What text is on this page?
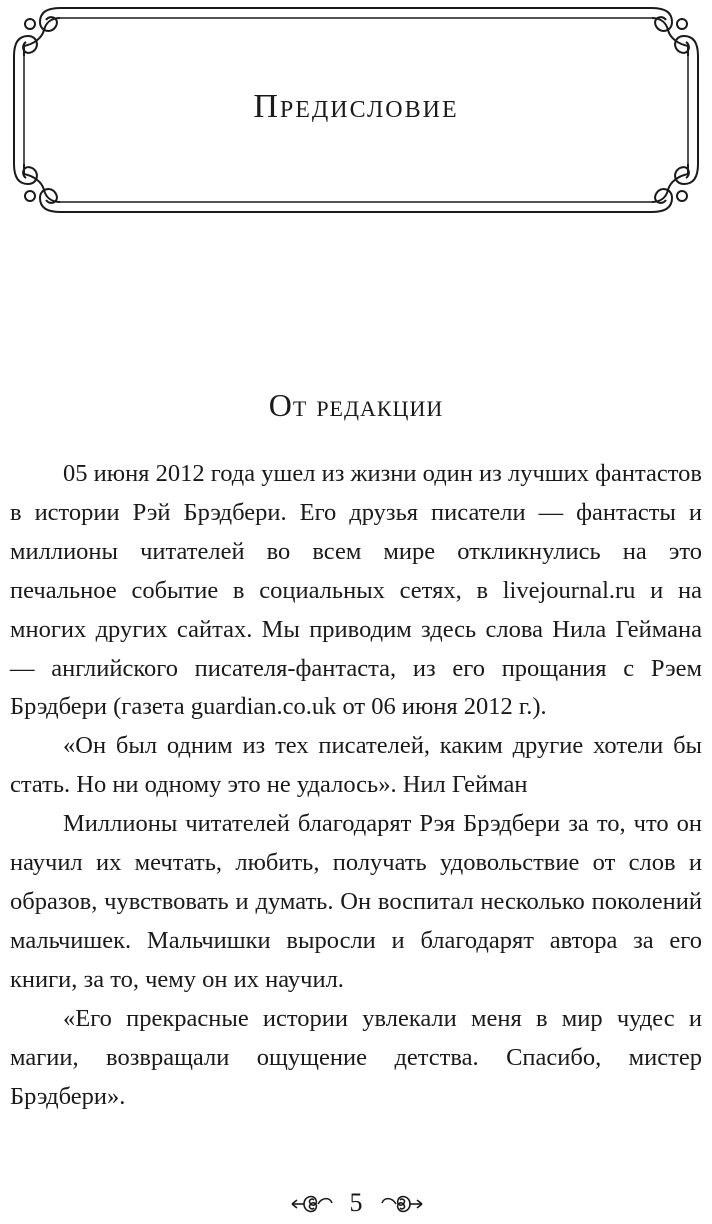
Предисловие
От редакции

05 июня 2012 года ушел из жизни один из лучших фантастов в истории Рэй Брэдбери. Его друзья писатели — фантасты и миллионы читателей во всем мире откликнулись на это печальное событие в социальных сетях, в livejournal.ru и на многих других сайтах. Мы приводим здесь слова Нила Геймана — английского писателя-фантаста, из его прощания с Рэем Брэдбери (газета guardian.co.uk от 06 июня 2012 г.).

«Он был одним из тех писателей, каким другие хотели бы стать. Но ни одному это не удалось». Нил Гейман

Миллионы читателей благодарят Рэя Брэдбери за то, что он научил их мечтать, любить, получать удовольствие от слов и образов, чувствовать и думать. Он воспитал несколько поколений мальчишек. Мальчишки выросли и благодарят автора за его книги, за то, чему он их научил.

«Его прекрасные истории увлекали меня в мир чудес и магии, возвращали ощущение детства. Спасибо, мистер Брэдбери».

5
